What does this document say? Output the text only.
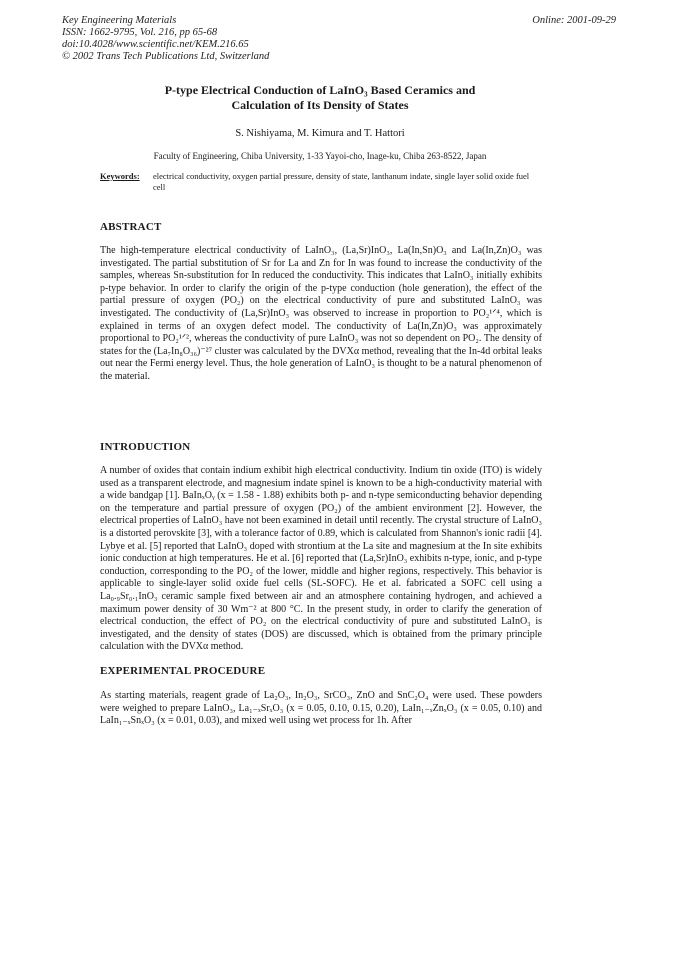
Key Engineering Materials
ISSN: 1662-9795, Vol. 216, pp 65-68
doi:10.4028/www.scientific.net/KEM.216.65
© 2002 Trans Tech Publications Ltd, Switzerland
Online: 2001-09-29
P-type Electrical Conduction of LaInO₃ Based Ceramics and
Calculation of Its Density of States
S. Nishiyama, M. Kimura and T. Hattori
Faculty of Engineering, Chiba University, 1-33 Yayoi-cho, Inage-ku, Chiba 263-8522, Japan
Keywords: electrical conductivity, oxygen partial pressure, density of state, lanthanum indate, single layer solid oxide fuel cell
ABSTRACT

The high-temperature electrical conductivity of LaInO₃, (La,Sr)InO₃, La(In,Sn)O₃ and La(In,Zn)O₃ was investigated. The partial substitution of Sr for La and Zn for In was found to increase the conductivity of the samples, whereas Sn-substitution for In reduced the conductivity. This indicates that LaInO₃ initially exhibits p-type behavior. In order to clarify the origin of the p-type conduction (hole generation), the effect of the partial pressure of oxygen (PO₂) on the electrical conductivity of pure and substituted LaInO₃ was investigated. The conductivity of (La,Sr)InO₃ was observed to increase in proportion to PO₂¹ᐟ⁴, which is explained in terms of an oxygen defect model. The conductivity of La(In,Zn)O₃ was approximately proportional to PO₂¹ᐟ², whereas the conductivity of pure LaInO₃ was not so dependent on PO₂. The density of states for the (La₇In₈O₃₆)⁻²⁷ cluster was calculated by the DVXα method, revealing that the In-4d orbital leaks out near the Fermi energy level. Thus, the hole generation of LaInO₃ is thought to be a natural phenomenon of the material.

INTRODUCTION

A number of oxides that contain indium exhibit high electrical conductivity. Indium tin oxide (ITO) is widely used as a transparent electrode, and magnesium indate spinel is known to be a high-conductivity material with a wide bandgap [1]. BaInₓOᵧ (x = 1.58 - 1.88) exhibits both p- and n-type semiconducting behavior depending on the temperature and partial pressure of oxygen (PO₂) of the ambient environment [2]. However, the electrical properties of LaInO₃ have not been examined in detail until recently. The crystal structure of LaInO₃ is a distorted perovskite [3], with a tolerance factor of 0.89, which is calculated from Shannon's ionic radii [4]. Lybye et al. [5] reported that LaInO₃ doped with strontium at the La site and magnesium at the In site exhibits ionic conduction at high temperatures. He et al. [6] reported that (La,Sr)InO₃ exhibits n-type, ionic, and p-type conduction, corresponding to the PO₂ of the lower, middle and higher regions, respectively. This behavior is applicable to single-layer solid oxide fuel cells (SL-SOFC). He et al. fabricated a SOFC cell using a La₀.₉Sr₀.₁InO₃ ceramic sample fixed between air and an atmosphere containing hydrogen, and achieved a maximum power density of 30 Wm⁻² at 800 °C. In the present study, in order to clarify the generation of electrical conduction, the effect of PO₂ on the electrical conductivity of pure and substituted LaInO₃ is investigated, and the density of states (DOS) are discussed, which is obtained from the primary principle calculation with the DVXα method.

EXPERIMENTAL PROCEDURE

As starting materials, reagent grade of La₂O₃, In₂O₃, SrCO₃, ZnO and SnC₂O₄ were used. These powders were weighed to prepare LaInO₃, La₁₋ₓSrₓO₃ (x = 0.05, 0.10, 0.15, 0.20), LaIn₁₋ₓZnₓO₃ (x = 0.05, 0.10) and LaIn₁₋ₓSnₓO₃ (x = 0.01, 0.03), and mixed well using wet process for 1h. After
